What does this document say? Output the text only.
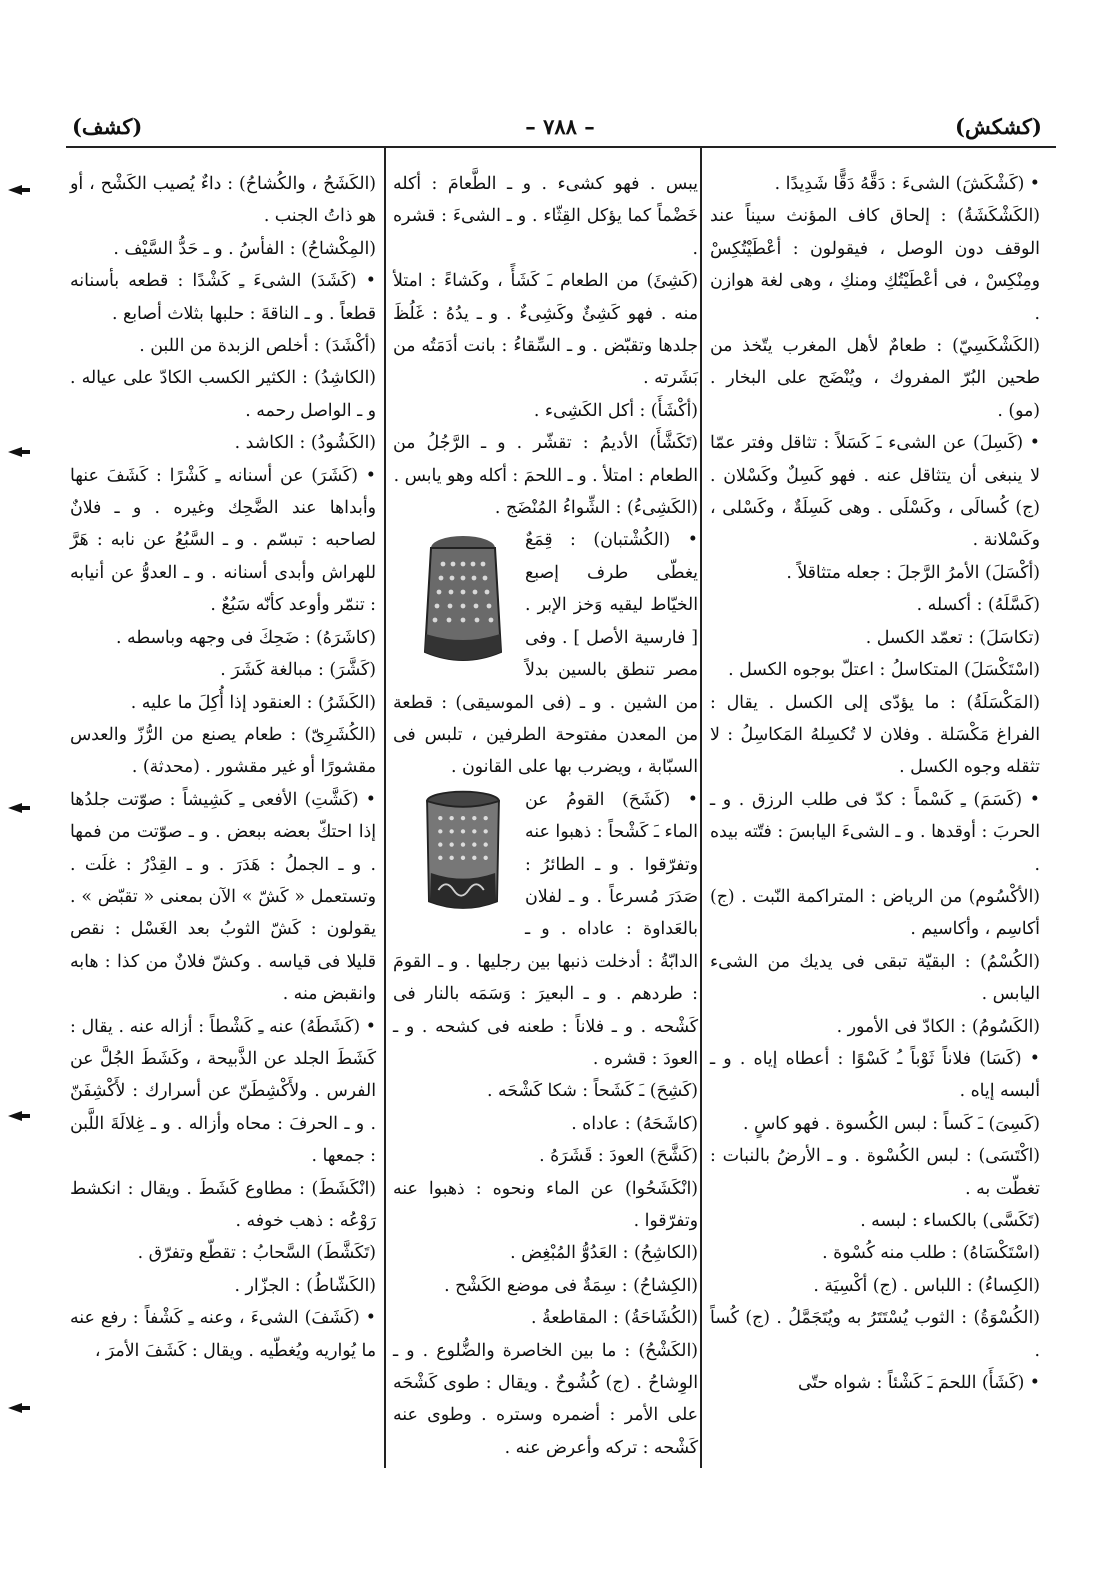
(كشكش)
– ٧٨٨ –
(كشف)

• (كَشْكَشَ) الشىءَ : دَقَّهُ دَقًّا شَدِيدًا .

(الكَشْكَشَةُ) : إلحاق كاف المؤنث سيناً عند الوقف دون الوصل ، فيقولون : أعْطَيْتُكِسْ ومِنْكِسْ ، فى أعْطَيْتُكِ ومنكِ ، وهى لغة هوازن .

(الكَشْكَسِيّ) : طعامٌ لأهل المغرب يتّخذ من طحين البُرّ المفروك ، ويُنْضَج على البخار . (مو) .

• (كَسِلَ) عن الشىء ـَ كَسَلاً : تثاقل وفتر عمّا لا ينبغى أن يتثاقل عنه . فهو كَسِلٌ وكَسْلان . (ج) كُسالَى ، وكَسْلَى . وهى كَسِلَةٌ ، وكَسْلى ، وكَسْلانة .

(أكْسَلَ) الأمرُ الرَّجلَ : جعله متثاقلاً .

(كَسَّلَهُ) : أكسله .

(تكاسَلَ) : تعمّد الكسل .

(اسْتَكْسَلَ) المتكاسلُ : اعتلّ بوجوه الكسل .

(المَكْسَلَةُ) : ما يؤدّى إلى الكسل . يقال : الفراغ مَكْسَلة . وفلان لا تُكسِلهُ المَكاسِلُ : لا تثقله وجوه الكسل .

• (كَسَمَ) ـِ كَسْماً : كدّ فى طلب الرزق . و ـ الحربَ : أوقدها . و ـ الشىءَ اليابسَ : فتّته بيده .

(الأكْسُوم) من الرياض : المتراكمة النّبت . (ج) أكاسِم ، وأكاسيم .

(الكُسْمُ) : البقيّة تبقى فى يديك من الشىء اليابس .

(الكَسُومُ) : الكادّ فى الأمور .

• (كَسَا) فلاناً ثَوْباً ـُ كَسْوًا : أعطاه إياه . و ـ ألبسه إياه .

(كَسِىَ) ـَ كَساً : لبس الكُسوة . فهو كاسٍ .

(اكْتَسَى) : لبس الكُسْوة . و ـ الأرضُ بالنبات : تغطّت به .

(تَكَسَّى) بالكساء : لبسه .

(اسْتَكْسَاهُ) : طلب منه كُسْوة .

(الكِساءُ) : اللباس . (ج) أكْسِيَة .

(الكُسْوَةُ) : الثوب يُسْتَتَرُ به ويُتَجَمَّلُ . (ج) كُساً .

• (كَشَأَ) اللحمَ ـَ كَشْئاً : شواه حتّى

يبس . فهو كشىء . و ـ الطَّعامَ : أكله خَضْماً كما يؤكل القِثّاء . و ـ الشىءَ : قشره .

(كَشِئَ) من الطعام ـَ كَشَأً ، وكَشاءً : امتلأ منه . فهو كَشِئٌ وكَشِىءٌ . و ـ يدُهُ : غَلُظَ جلدها وتقبّض . و ـ السِّقاءُ : بانت أدَمَتُه من بَشَرته .

(أكْشَأَ) : أكل الكَشِىء .

(تَكَشَّأَ) الأديمُ : تقشّر . و ـ الرَّجُلُ من الطعام : امتلأ . و ـ اللحمَ : أكله وهو يابس .

(الكَشِىءُ) : الشِّواءُ المُنْضَج .

• (الكُشْتبان) : قِمَعٌ يغطّى طرف إصبع الخيّاط ليقيه وَخز الإبر . [ فارسية الأصل ] . وفى مصر تنطق بالسين بدلاً من الشين . و ـ (فى الموسيقى) : قطعة من المعدن مفتوحة الطرفين ، تلبس فى السبّابة ، ويضرب بها على القانون .

• (كَشَحَ) القومُ عن الماء ـَ كَشْحاً : ذهبوا عنه وتفرّقوا . و ـ الطائرُ : صَدَرَ مُسرعاً . و ـ لفلان بالعَداوة : عاداه . و ـ الدابّةُ : أدخلت ذنبها بين رجليها . و ـ القومَ : طردهم . و ـ البعيرَ : وَسَمَه بالنار فى كَشْحه . و ـ فلاناً : طعنه فى كشحه . و ـ العودَ : قشره .

(كَشِحَ) ـَ كَشَحاً : شكا كَشْحَه .

(كاشَحَهُ) : عاداه .

(كَشَّحَ) العودَ : قَشَرَهُ .

(انْكَشَحُوا) عن الماء ونحوه : ذهبوا عنه وتفرّقوا .

(الكاشِحُ) : العَدُوُّ المُبْغِض .

(الكِشاحُ) : سِمَةٌ فى موضع الكَشْح .

(الكُشَاحَةُ) : المقاطعةُ .

(الكَشْحُ) : ما بين الخاصرة والضُّلوع . و ـ الوِشاحُ . (ج) كُشُوحٌ . ويقال : طوى كَشْحَه على الأمر : أضمره وستره . وطوى عنه كَشْحه : تركه وأعرض عنه .

(الكَشَحُ ، والكُشاحُ) : داءٌ يُصيب الكَشْح ، أو هو ذاتُ الجنب .

(المِكْشاحُ) : الفأسُ . و ـ حَدُّ السَّيْف .

• (كَشَدَ) الشىءَ ـِ كَشْدًا : قطعه بأسنانه قطعاً . و ـ الناقةَ : حلبها بثلاث أصابع .

(أكْشَدَ) : أخلص الزبدة من اللبن .

(الكاشِدُ) : الكثير الكسب الكادّ على عياله . و ـ الواصل رحمه .

(الكَشُودُ) : الكاشد .

• (كَشَرَ) عن أسنانه ـِ كَشْرًا : كَشَفَ عنها وأبداها عند الضَّحِك وغيره . و ـ فلانٌ لصاحبه : تبسّم . و ـ السَّبُعُ عن نابه : هَرَّ للهراش وأبدى أسنانه . و ـ العدوُّ عن أنيابه : تنمّر وأوعد كأنّه سَبُعٌ .

(كاشَرَهُ) : ضَحِكَ فى وجهه وباسطه .

(كَشَّرَ) : مبالغة كَشَرَ .

(الكَشَرُ) : العنقود إذا أُكِلَ ما عليه .

(الكُشَرِىّ) : طعام يصنع من الرُّزّ والعدس مقشورًا أو غير مقشور . (محدثة) .

• (كَشَّتِ) الأفعى ـِ كَشِيشاً : صوّتت جلدُها إذا احتكّ بعضه ببعض . و ـ صوّتت من فمها . و ـ الجملُ : هَدَرَ . و ـ القِدْرُ : غلَت . وتستعمل « كَشّ » الآن بمعنى « تقبّض » . يقولون : كَشّ الثوبُ بعد الغَسْل : نقص قليلا فى قياسه . وكشّ فلانٌ من كذا : هابه وانقبض منه .

• (كَشَطَهُ) عنه ـِ كَشْطاً : أزاله عنه . يقال : كَشَطَ الجلد عن الذَّبيحة ، وكَشَطَ الجُلَّ عن الفرس . ولأَكْشِطَنّ عن أسرارك : لأَكْشِفَنّ . و ـ الحرفَ : محاه وأزاله . و ـ غِلالَةَ اللَّبن : جمعها .

(انْكَشَطَ) : مطاوع كَشَطَ . ويقال : انكشط رَوْعُه : ذهب خوفه .

(تَكَشَّطَ) السَّحابُ : تقطّع وتفرّق .

(الكَشّاطُ) : الجزّار .

• (كَشَفَ) الشىءَ ، وعنه ـِ كَشْفاً : رفع عنه ما يُواريه ويُغطّيه . ويقال : كَشَفَ الأمرَ ،
